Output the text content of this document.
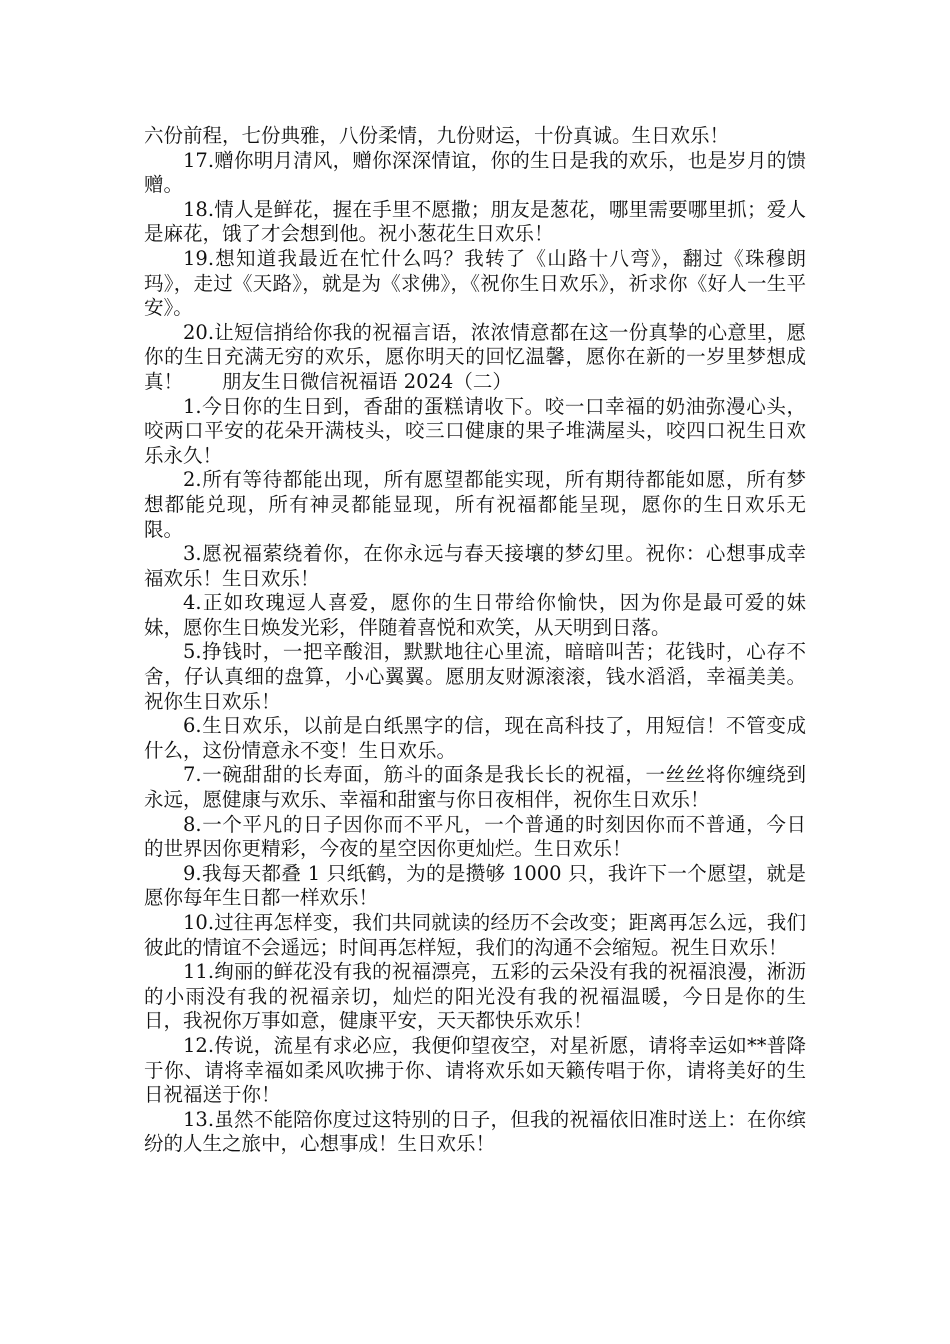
六份前程，七份典雅，八份柔情，九份财运，十份真诚。生日欢乐！

17.赠你明月清风，赠你深深情谊，你的生日是我的欢乐，也是岁月的馈赠。

18.情人是鲜花，握在手里不愿撒；朋友是葱花，哪里需要哪里抓；爱人是麻花，饿了才会想到他。祝小葱花生日欢乐！

19.想知道我最近在忙什么吗？我转了《山路十八弯》，翻过《珠穆朗玛》，走过《天路》，就是为《求佛》，《祝你生日欢乐》，祈求你《好人一生平安》。

20.让短信捎给你我的祝福言语，浓浓情意都在这一份真挚的心意里，愿你的生日充满无穷的欢乐，愿你明天的回忆温馨，愿你在新的一岁里梦想成真！　　朋友生日微信祝福语 2024（二）

1.今日你的生日到，香甜的蛋糕请收下。咬一口幸福的奶油弥漫心头，咬两口平安的花朵开满枝头，咬三口健康的果子堆满屋头，咬四口祝生日欢乐永久！

2.所有等待都能出现，所有愿望都能实现，所有期待都能如愿，所有梦想都能兑现，所有神灵都能显现，所有祝福都能呈现，愿你的生日欢乐无限。

3.愿祝福萦绕着你，在你永远与春天接壤的梦幻里。祝你：心想事成幸福欢乐！生日欢乐！

4.正如玫瑰逗人喜爱，愿你的生日带给你愉快，因为你是最可爱的妹妹，愿你生日焕发光彩，伴随着喜悦和欢笑，从天明到日落。

5.挣钱时，一把辛酸泪，默默地往心里流，暗暗叫苦；花钱时，心存不舍，仔认真细的盘算，小心翼翼。愿朋友财源滚滚，钱水滔滔，幸福美美。祝你生日欢乐！

6.生日欢乐，以前是白纸黑字的信，现在高科技了，用短信！不管变成什么，这份情意永不变！生日欢乐。

7.一碗甜甜的长寿面，筋斗的面条是我长长的祝福，一丝丝将你缠绕到永远，愿健康与欢乐、幸福和甜蜜与你日夜相伴，祝你生日欢乐！

8.一个平凡的日子因你而不平凡，一个普通的时刻因你而不普通，今日的世界因你更精彩，今夜的星空因你更灿烂。生日欢乐！

9.我每天都叠 1 只纸鹤，为的是攒够 1000 只，我许下一个愿望，就是愿你每年生日都一样欢乐！

10.过往再怎样变，我们共同就读的经历不会改变；距离再怎么远，我们彼此的情谊不会遥远；时间再怎样短，我们的沟通不会缩短。祝生日欢乐！

11.绚丽的鲜花没有我的祝福漂亮，五彩的云朵没有我的祝福浪漫，淅沥的小雨没有我的祝福亲切，灿烂的阳光没有我的祝福温暖，今日是你的生日，我祝你万事如意，健康平安，天天都快乐欢乐！

12.传说，流星有求必应，我便仰望夜空，对星祈愿，请将幸运如**普降于你、请将幸福如柔风吹拂于你、请将欢乐如天籁传唱于你，请将美好的生日祝福送于你！

13.虽然不能陪你度过这特别的日子，但我的祝福依旧准时送上：在你缤纷的人生之旅中，心想事成！生日欢乐！
